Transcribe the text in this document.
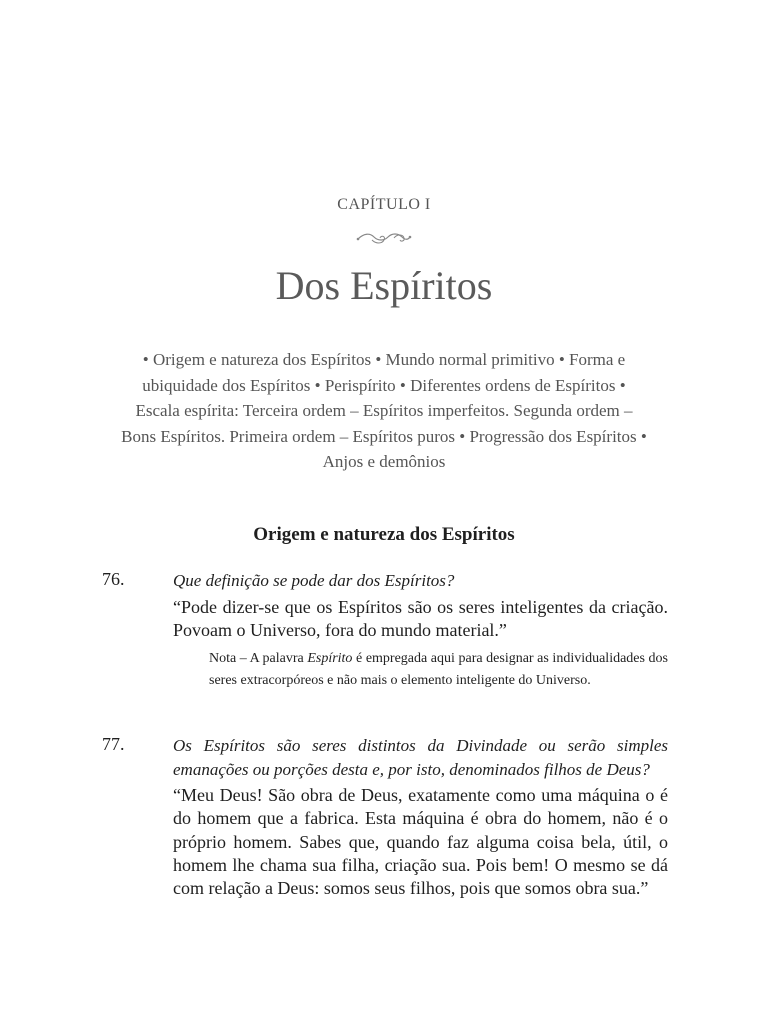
CAPÍTULO I
Dos Espíritos
• Origem e natureza dos Espíritos • Mundo normal primitivo • Forma e ubiquidade dos Espíritos • Perispírito • Diferentes ordens de Espíritos • Escala espírita: Terceira ordem – Espíritos imperfeitos. Segunda ordem – Bons Espíritos. Primeira ordem – Espíritos puros • Progressão dos Espíritos • Anjos e demônios
Origem e natureza dos Espíritos
76.	Que definição se pode dar dos Espíritos?
“Pode dizer-se que os Espíritos são os seres inteligentes da criação. Povoam o Universo, fora do mundo material.”
Nota – A palavra Espírito é empregada aqui para designar as individualidades dos seres extracorpóreos e não mais o elemento inteligente do Universo.
77.	Os Espíritos são seres distintos da Divindade ou serão simples emanações ou porções desta e, por isto, denominados filhos de Deus?
“Meu Deus! São obra de Deus, exatamente como uma máquina o é do homem que a fabrica. Esta máquina é obra do homem, não é o próprio homem. Sabes que, quando faz alguma coisa bela, útil, o homem lhe chama sua filha, criação sua. Pois bem! O mesmo se dá com relação a Deus: somos seus filhos, pois que somos obra sua.”
